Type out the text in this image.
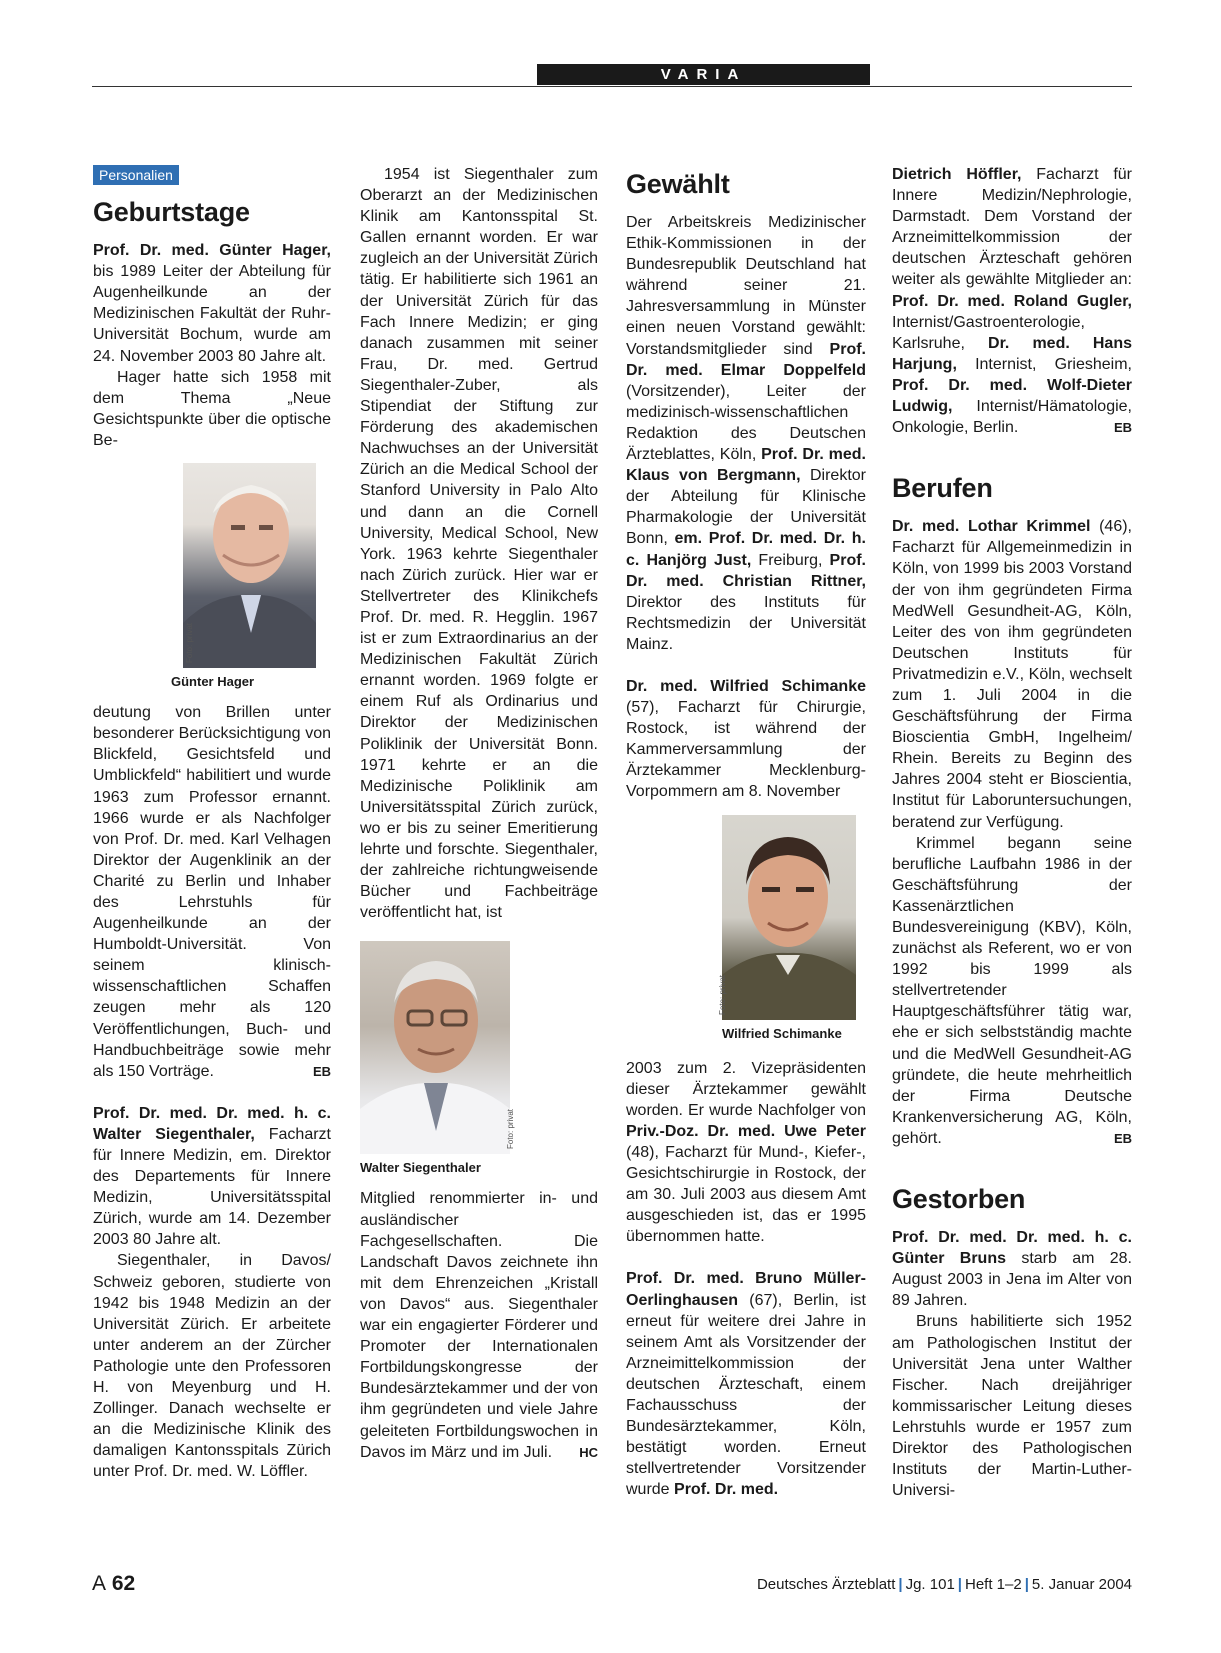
VARIA
Personalien
Geburtstage

Prof. Dr. med. Günter Hager, bis 1989 Leiter der Abteilung für Augenheilkunde an der Medizinischen Fakultät der Ruhr-Universität Bochum, wurde am 24. November 2003 80 Jahre alt.

Hager hatte sich 1958 mit dem Thema „Neue Gesichtspunkte über die optische Be-

Foto: privat
Günter Hager

deutung von Brillen unter besonderer Berücksichtigung von Blickfeld, Gesichtsfeld und Umblickfeld“ habilitiert und wurde 1963 zum Professor ernannt. 1966 wurde er als Nachfolger von Prof. Dr. med. Karl Velhagen Direktor der Augenklinik an der Charité zu Berlin und Inhaber des Lehrstuhls für Augenheilkunde an der Humboldt-Universität. Von seinem klinisch-wissenschaftlichen Schaffen zeugen mehr als 120 Veröffentlichungen, Buch- und Handbuchbeiträge sowie mehr als 150 Vorträge.	EB

Prof. Dr. med. Dr. med. h. c. Walter Siegenthaler, Facharzt für Innere Medizin, em. Direktor des Departements für Innere Medizin, Universitätsspital Zürich, wurde am 14. Dezember 2003 80 Jahre alt.

Siegenthaler, in Davos/ Schweiz geboren, studierte von 1942 bis 1948 Medizin an der Universität Zürich. Er arbeitete unter anderem an der Zürcher Pathologie unte den Professoren H. von Meyenburg und H. Zollinger. Danach wechselte er an die Medizinische Klinik des damaligen Kantonsspitals Zürich unter Prof. Dr. med. W. Löffler.

1954 ist Siegenthaler zum Oberarzt an der Medizinischen Klinik am Kantonsspital St. Gallen ernannt worden. Er war zugleich an der Universität Zürich tätig. Er habilitierte sich 1961 an der Universität Zürich für das Fach Innere Medizin; er ging danach zusammen mit seiner Frau, Dr. med. Gertrud Siegenthaler-Zuber, als Stipendiat der Stiftung zur Förderung des akademischen Nachwuchses an der Universität Zürich an die Medical School der Stanford University in Palo Alto und dann an die Cornell University, Medical School, New York. 1963 kehrte Siegenthaler nach Zürich zurück. Hier war er Stellvertreter des Klinikchefs Prof. Dr. med. R. Hegglin. 1967 ist er zum Extraordinarius an der Medizinischen Fakultät Zürich ernannt worden. 1969 folgte er einem Ruf als Ordinarius und Direktor der Medizinischen Poliklinik der Universität Bonn. 1971 kehrte er an die Medizinische Poliklinik am Universitätsspital Zürich zurück, wo er bis zu seiner Emeritierung lehrte und forschte. Siegenthaler, der zahlreiche richtungweisende Bücher und Fachbeiträge veröffentlicht hat, ist

Foto: privat
Walter Siegenthaler

Mitglied renommierter in- und ausländischer Fachgesellschaften. Die Landschaft Davos zeichnete ihn mit dem Ehrenzeichen „Kristall von Davos“ aus. Siegenthaler war ein engagierter Förderer und Promoter der Internationalen Fortbildungskongresse der Bundesärztekammer und der von ihm gegründeten und viele Jahre geleiteten Fortbildungswochen in Davos im März und im Juli. HC

Gewählt

Der Arbeitskreis Medizinischer Ethik-Kommissionen in der Bundesrepublik Deutschland hat während seiner 21. Jahresversammlung in Münster einen neuen Vorstand gewählt: Vorstandsmitglieder sind Prof. Dr. med. Elmar Doppelfeld (Vorsitzender), Leiter der medizinisch-wissenschaftlichen Redaktion des Deutschen Ärzteblattes, Köln, Prof. Dr. med. Klaus von Bergmann, Direktor der Abteilung für Klinische Pharmakologie der Universität Bonn, em. Prof. Dr. med. Dr. h. c. Hanjörg Just, Freiburg, Prof. Dr. med. Christian Rittner, Direktor des Instituts für Rechtsmedizin der Universität Mainz.

Dr. med. Wilfried Schimanke (57), Facharzt für Chirurgie, Rostock, ist während der Kammerversammlung der Ärztekammer Mecklenburg-Vorpommern am 8. November

Foto: privat
Wilfried Schimanke

2003 zum 2. Vizepräsidenten dieser Ärztekammer gewählt worden. Er wurde Nachfolger von Priv.-Doz. Dr. med. Uwe Peter (48), Facharzt für Mund-, Kiefer-, Gesichtschirurgie in Rostock, der am 30. Juli 2003 aus diesem Amt ausgeschieden ist, das er 1995 übernommen hatte.

Prof. Dr. med. Bruno Müller-Oerlinghausen (67), Berlin, ist erneut für weitere drei Jahre in seinem Amt als Vorsitzender der Arzneimittelkommission der deutschen Ärzteschaft, einem Fachausschuss der Bundesärztekammer, Köln, bestätigt worden. Erneut stellvertretender Vorsitzender wurde Prof. Dr. med.

Dietrich Höffler, Facharzt für Innere Medizin/Nephrologie, Darmstadt. Dem Vorstand der Arzneimittelkommission der deutschen Ärzteschaft gehören weiter als gewählte Mitglieder an: Prof. Dr. med. Roland Gugler, Internist/Gastroenterologie, Karlsruhe, Dr. med. Hans Harjung, Internist, Griesheim, Prof. Dr. med. Wolf-Dieter Ludwig, Internist/Hämatologie, Onkologie, Berlin.	EB

Berufen

Dr. med. Lothar Krimmel (46), Facharzt für Allgemeinmedizin in Köln, von 1999 bis 2003 Vorstand der von ihm gegründeten Firma MedWell Gesundheit-AG, Köln, Leiter des von ihm gegründeten Deutschen Instituts für Privatmedizin e.V., Köln, wechselt zum 1. Juli 2004 in die Geschäftsführung der Firma Bioscientia GmbH, Ingelheim/ Rhein. Bereits zu Beginn des Jahres 2004 steht er Bioscientia, Institut für Laboruntersuchungen, beratend zur Verfügung.

Krimmel begann seine berufliche Laufbahn 1986 in der Geschäftsführung der Kassenärztlichen Bundesvereinigung (KBV), Köln, zunächst als Referent, wo er von 1992 bis 1999 als stellvertretender Hauptgeschäftsführer tätig war, ehe er sich selbstständig machte und die MedWell Gesundheit-AG gründete, die heute mehrheitlich der Firma Deutsche Krankenversicherung AG, Köln, gehört.	EB

Gestorben

Prof. Dr. med. Dr. med. h. c. Günter Bruns starb am 28. August 2003 in Jena im Alter von 89 Jahren.

Bruns habilitierte sich 1952 am Pathologischen Institut der Universität Jena unter Walther Fischer. Nach dreijähriger kommissarischer Leitung dieses Lehrstuhls wurde er 1957 zum Direktor des Pathologischen Instituts der Martin-Luther-Universi-

A 62	Deutsches Ärzteblatt | Jg. 101 | Heft 1–2 | 5. Januar 2004
